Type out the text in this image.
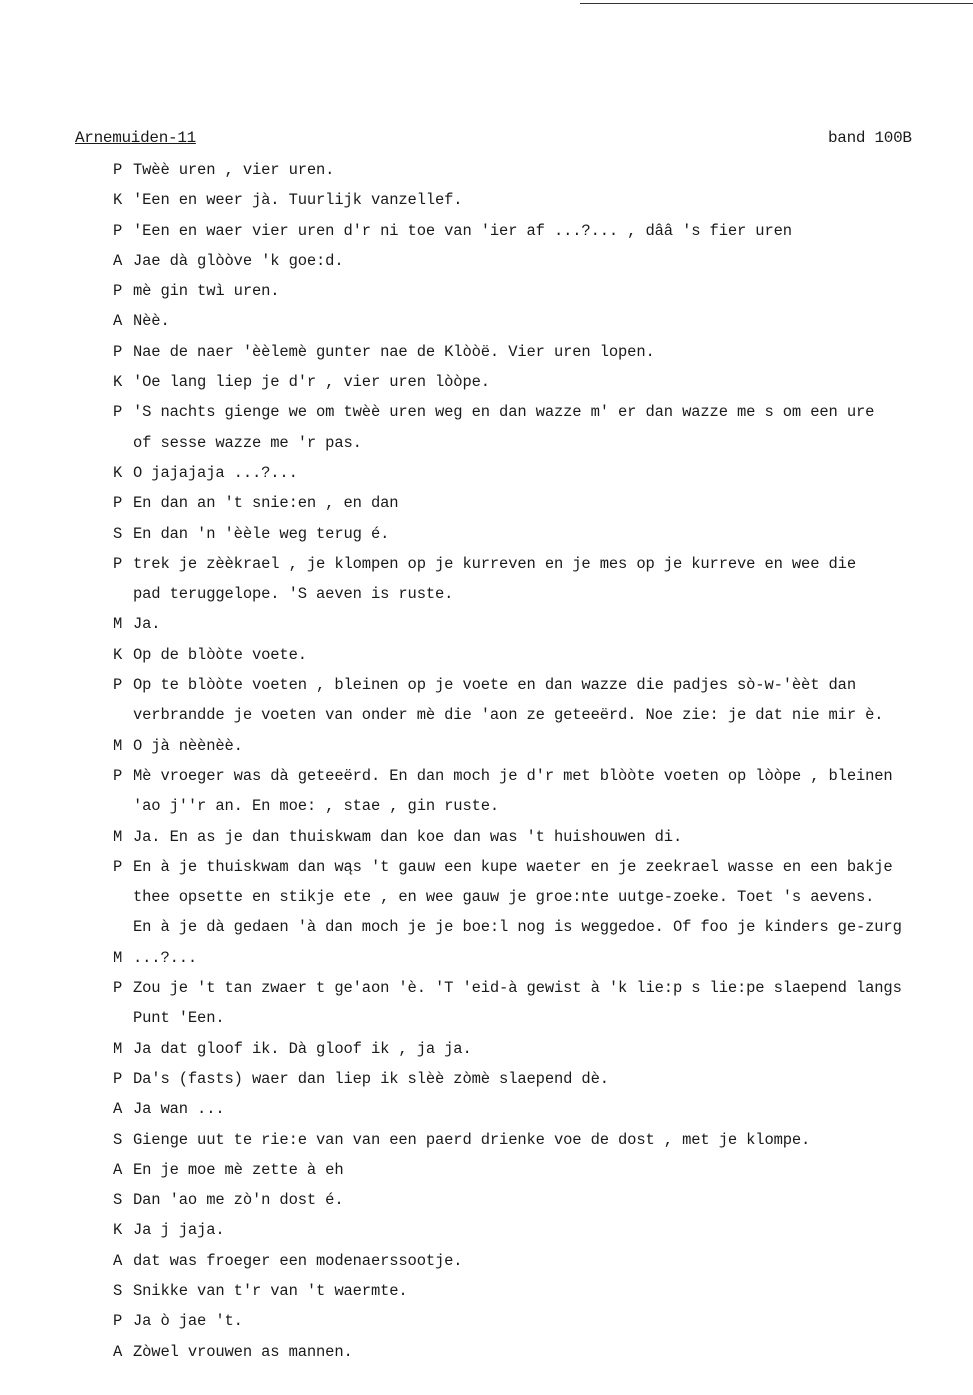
Arnemuiden-11	band 100B
P Twèè uren , vier uren.
K 'Een en weer jà. Tuurlijk vanzellef.
P 'Een en waer vier uren d'r ni toe van 'ier af ...?... , dââ 's fier uren
A Jae dà glòòve 'k goe:d.
P mè gin twì uren.
A Nèè.
P Nae de naer 'èèlemè gunter nae de Klòòë. Vier uren lopen.
K 'Oe lang liep je d'r , vier uren lòòpe.
P 'S nachts gienge we om twèè uren weg en dan wazze m' er dan wazze me s om een ure
of sesse wazze me 'r pas.
K O jajajaja ...?...
P En dan an 't snie:en , en dan
S En dan 'n 'èèle weg terug é.
P trek je zèèkrael , je klompen op je kurreven en je mes op je kurreve en wee die
pad teruggelope. 'S aeven is ruste.
M Ja.
K Op de blòòte voete.
P Op te blòòte voeten , bleinen op je voete en dan wazze die padjes sò-w-'èèt dan
verbrandde je voeten van onder mè die 'aon ze geteeërd. Noe zie: je dat nie mir è.
M O jà nèènèè.
P Mè vroeger was dà geteeërd. En dan moch je d'r met blòòte voeten op lòòpe , bleinen
'ao j''r an. En moe: , stae , gin ruste.
M Ja. En as je dan thuiskwam dan koe dan was 't huishouwen di.
P En à je thuiskwam dan wąs 't gauw een kupe waeter en je zeekrael wasse en een bakje
thee opsette en stikje ete , en wee gauw je groe:nte uutge-zoeke. Toet 's aevens.
En à je dà gedaen 'à dan moch je je boe:l nog is weggedoe. Of foo je kinders ge-zurg
M ...?...
P Zou je 't tan zwaer t ge'aon 'è. 'T 'eid-à gewist à 'k lie:p s lie:pe slaepend langs
Punt 'Een.
M Ja dat gloof ik. Dà gloof ik , ja ja.
P Da's (fasts) waer dan liep ik slèè zòmè slaepend dè.
A Ja wan ...
S Gienge uut te rie:e van van een paerd drienke voe de dost , met je klompe.
A En je moe mè zette à eh
S Dan 'ao me zò'n dost é.
K Ja j jaja.
A dat was froeger een modenaerssootje.
S Snikke van t'r van 't waermte.
P Ja ò jae 't.
A Zòwel vrouwen as mannen.
